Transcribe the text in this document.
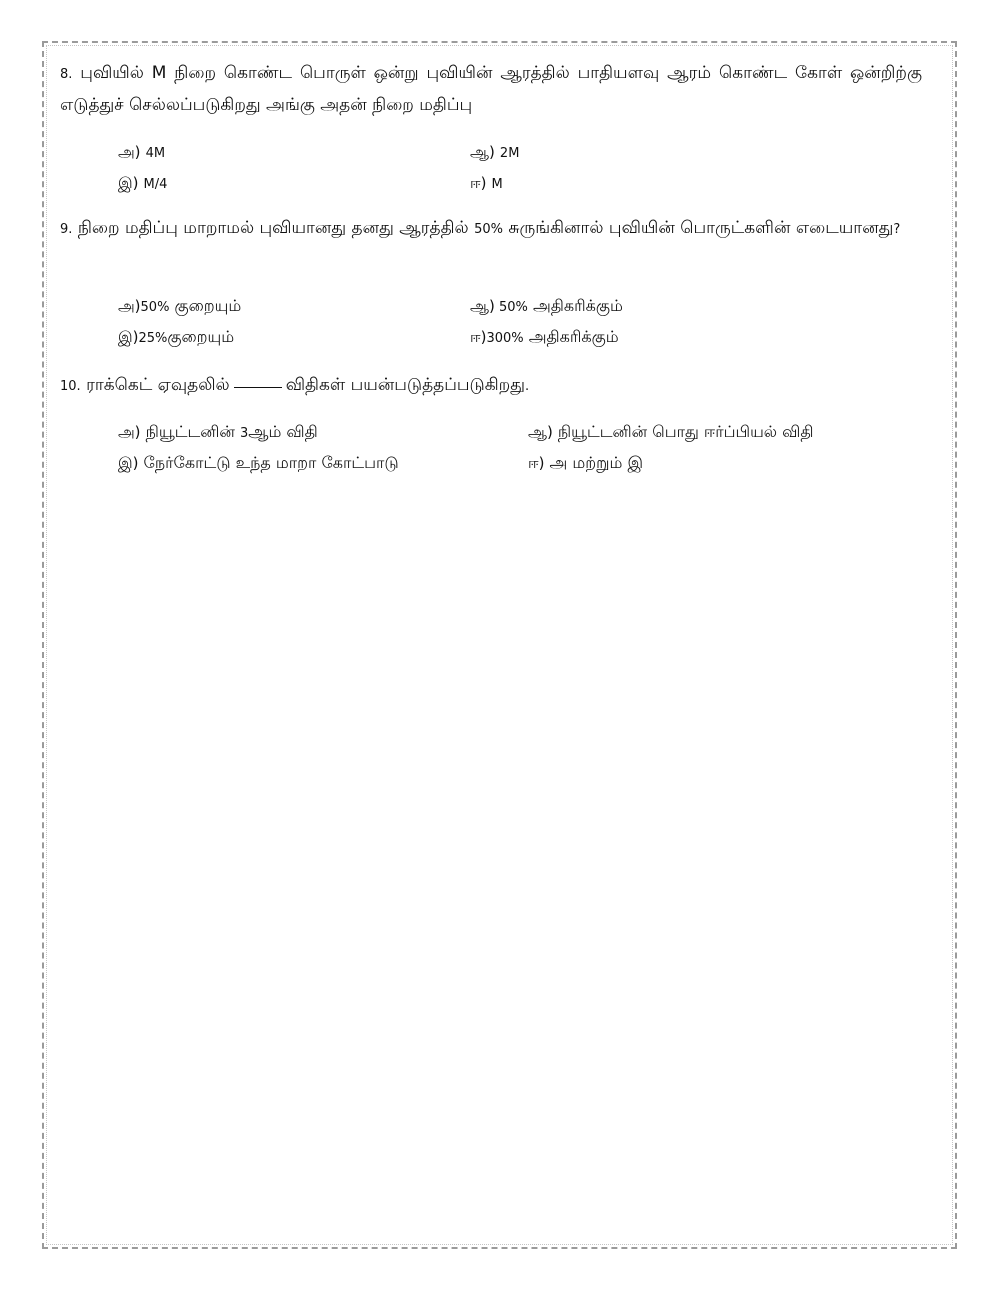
8. புவியில் M நிறை கொண்ட பொருள் ஒன்று புவியின் ஆரத்தில் பாதியளவு ஆரம் கொண்ட கோள் ஒன்றிற்கு எடுத்துச் செல்லப்படுகிறது அங்கு அதன் நிறை மதிப்பு

அ) 4M	ஆ) 2M
இ) M/4	ஈ) M

9. நிறை மதிப்பு மாறாமல் புவியானது தனது ஆரத்தில் 50% சுருங்கினால் புவியின் பொருட்களின் எடையானது?

அ)50% குறையும்	ஆ) 50% அதிகரிக்கும்
இ)25%குறையும்	ஈ)300% அதிகரிக்கும்

10. ராக்கெட் ஏவுதலில்	விதிகள் பயன்படுத்தப்படுகிறது.

அ) நியூட்டனின் 3ஆம் விதி	ஆ) நியூட்டனின் பொது ஈர்ப்பியல் விதி
இ) நேர்கோட்டு உந்த மாறா கோட்பாடு	ஈ) அ மற்றும் இ
